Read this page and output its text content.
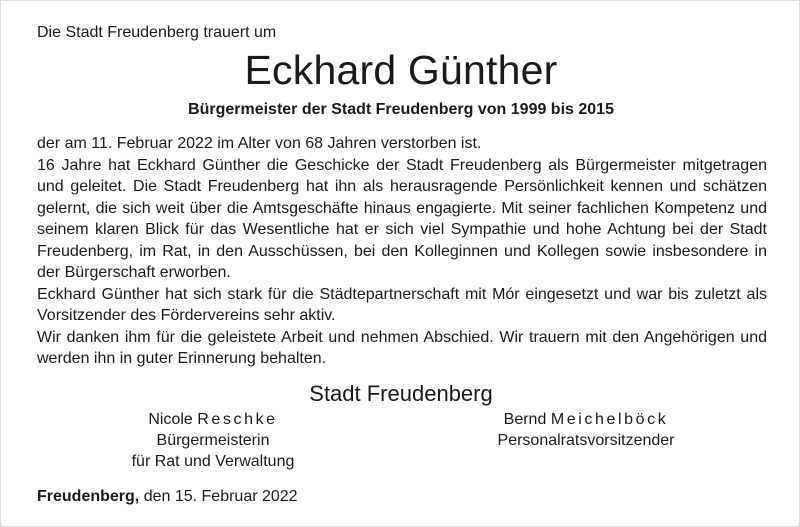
Die Stadt Freudenberg trauert um
Eckhard Günther
Bürgermeister der Stadt Freudenberg von 1999 bis 2015

der am 11. Februar 2022 im Alter von 68 Jahren verstorben ist.

16 Jahre hat Eckhard Günther die Geschicke der Stadt Freudenberg als Bürgermeister mitgetragen und geleitet. Die Stadt Freudenberg hat ihn als herausragende Persönlichkeit kennen und schätzen gelernt, die sich weit über die Amtsgeschäfte hinaus engagierte. Mit seiner fachlichen Kompetenz und seinem klaren Blick für das Wesentliche hat er sich viel Sympathie und hohe Achtung bei der Stadt Freudenberg, im Rat, in den Ausschüssen, bei den Kolleginnen und Kollegen sowie insbesondere in der Bürgerschaft erworben.

Eckhard Günther hat sich stark für die Städtepartnerschaft mit Mór eingesetzt und war bis zuletzt als Vorsitzender des Fördervereins sehr aktiv.

Wir danken ihm für die geleistete Arbeit und nehmen Abschied. Wir trauern mit den Angehörigen und werden ihn in guter Erinnerung behalten.

Stadt Freudenberg
Nicole Reschke
Bürgermeisterin
für Rat und Verwaltung
Bernd Meichelböck
Personalratsvorsitzender
Freudenberg, den 15. Februar 2022
